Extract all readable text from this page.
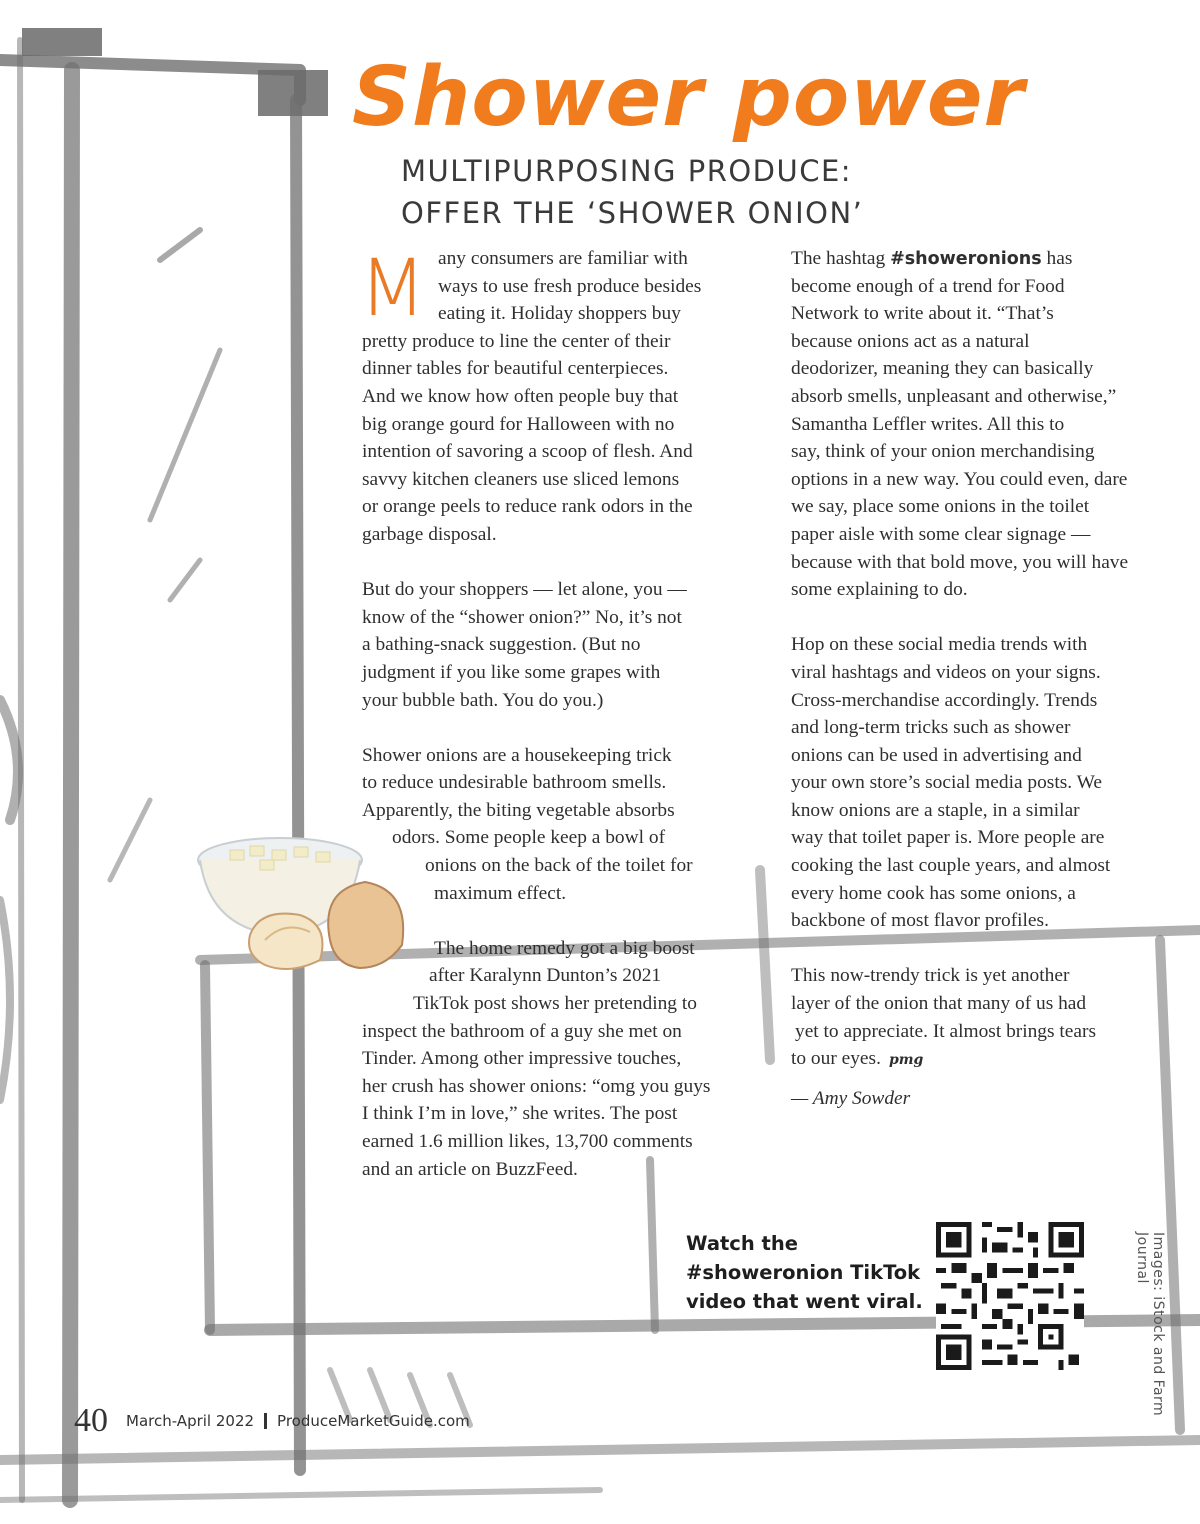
Shower power
MULTIPURPOSING PRODUCE:
OFFER THE ‘SHOWER ONION’
M any consumers are familiar with
ways to use fresh produce besides
eating it. Holiday shoppers buy
pretty produce to line the center of their
dinner tables for beautiful centerpieces.
And we know how often people buy that
big orange gourd for Halloween with no
intention of savoring a scoop of flesh. And
savvy kitchen cleaners use sliced lemons
or orange peels to reduce rank odors in the
garbage disposal.
But do your shoppers — let alone, you —
know of the “shower onion?” No, it’s not
a bathing-snack suggestion. (But no
judgment if you like some grapes with
your bubble bath. You do you.)
Shower onions are a housekeeping trick
to reduce undesirable bathroom smells.
Apparently, the biting vegetable absorbs
odors. Some people keep a bowl of
onions on the back of the toilet for
maximum effect.
The home remedy got a big boost
after Karalynn Dunton’s 2021
TikTok post shows her pretending to
inspect the bathroom of a guy she met on
Tinder. Among other impressive touches,
her crush has shower onions: “omg you guys
I think I’m in love,” she writes. The post
earned 1.6 million likes, 13,700 comments
and an article on BuzzFeed.
The hashtag #showeronions has
become enough of a trend for Food
Network to write about it. “That’s
because onions act as a natural
deodorizer, meaning they can basically
absorb smells, unpleasant and otherwise,”
Samantha Leffler writes. All this to
say, think of your onion merchandising
options in a new way. You could even, dare
we say, place some onions in the toilet
paper aisle with some clear signage —
because with that bold move, you will have
some explaining to do.
Hop on these social media trends with
viral hashtags and videos on your signs.
Cross-merchandise accordingly. Trends
and long-term tricks such as shower
onions can be used in advertising and
your own store’s social media posts. We
know onions are a staple, in a similar
way that toilet paper is. More people are
cooking the last couple years, and almost
every home cook has some onions, a
backbone of most flavor profiles.
This now-trendy trick is yet another
layer of the onion that many of us had
yet to appreciate. It almost brings tears
to our eyes. pmg
— Amy Sowder
Watch the
#showeronion TikTok
video that went viral.	Images: iStock and Farm Journal
40 March-April 2022 ProduceMarketGuide.com
